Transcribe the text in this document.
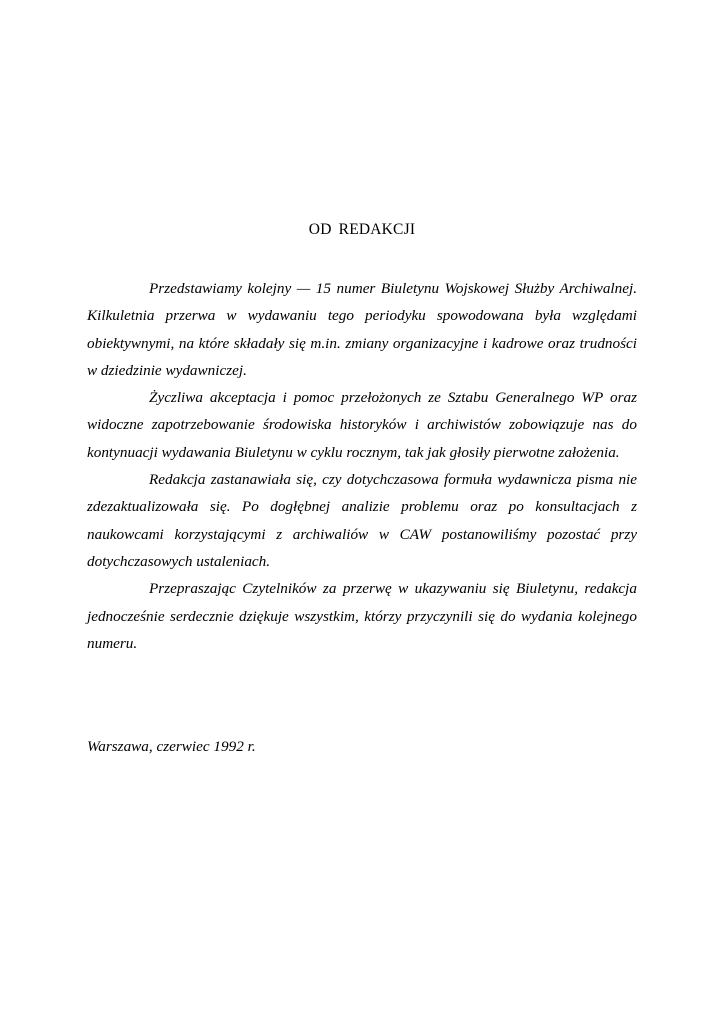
OD REDAKCJI

Przedstawiamy kolejny — 15 numer Biuletynu Wojskowej Służby Archiwalnej. Kilkuletnia przerwa w wydawaniu tego periodyku spowodowana była względami obiektywnymi, na które składały się m.in. zmiany organizacyjne i kadrowe oraz trudności w dziedzinie wydawniczej.

Życzliwa akceptacja i pomoc przełożonych ze Sztabu Generalnego WP oraz widoczne zapotrzebowanie środowiska historyków i archiwistów zobowiązuje nas do kontynuacji wydawania Biuletynu w cyklu rocznym, tak jak głosiły pierwotne założenia.

Redakcja zastanawiała się, czy dotychczasowa formuła wydawnicza pisma nie zdezaktualizowała się. Po dogłębnej analizie problemu oraz po konsultacjach z naukowcami korzystającymi z archiwaliów w CAW postanowiliśmy pozostać przy dotychczasowych ustaleniach.

Przepraszając Czytelników za przerwę w ukazywaniu się Biuletynu, redakcja jednocześnie serdecznie dziękuje wszystkim, którzy przyczynili się do wydania kolejnego numeru.

Warszawa, czerwiec 1992 r.
